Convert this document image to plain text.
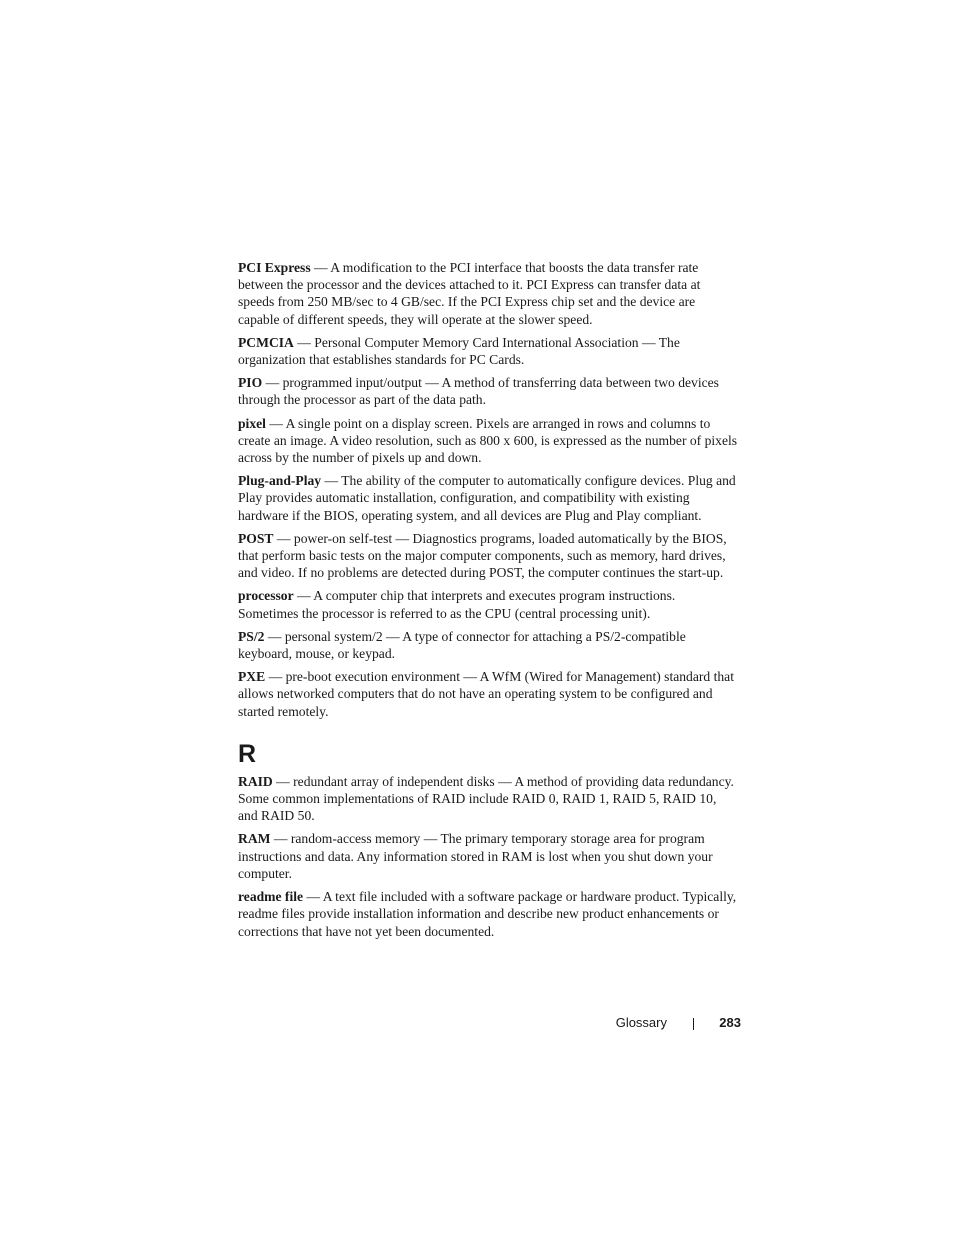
PCI Express — A modification to the PCI interface that boosts the data transfer rate between the processor and the devices attached to it. PCI Express can transfer data at speeds from 250 MB/sec to 4 GB/sec. If the PCI Express chip set and the device are capable of different speeds, they will operate at the slower speed.

PCMCIA — Personal Computer Memory Card International Association — The organization that establishes standards for PC Cards.

PIO — programmed input/output — A method of transferring data between two devices through the processor as part of the data path.

pixel — A single point on a display screen. Pixels are arranged in rows and columns to create an image. A video resolution, such as 800 x 600, is expressed as the number of pixels across by the number of pixels up and down.

Plug-and-Play — The ability of the computer to automatically configure devices. Plug and Play provides automatic installation, configuration, and compatibility with existing hardware if the BIOS, operating system, and all devices are Plug and Play compliant.

POST — power-on self-test — Diagnostics programs, loaded automatically by the BIOS, that perform basic tests on the major computer components, such as memory, hard drives, and video. If no problems are detected during POST, the computer continues the start-up.

processor — A computer chip that interprets and executes program instructions. Sometimes the processor is referred to as the CPU (central processing unit).

PS/2 — personal system/2 — A type of connector for attaching a PS/2-compatible keyboard, mouse, or keypad.

PXE — pre-boot execution environment — A WfM (Wired for Management) standard that allows networked computers that do not have an operating system to be configured and started remotely.

R

RAID — redundant array of independent disks — A method of providing data redundancy. Some common implementations of RAID include RAID 0, RAID 1, RAID 5, RAID 10, and RAID 50.

RAM — random-access memory — The primary temporary storage area for program instructions and data. Any information stored in RAM is lost when you shut down your computer.

readme file — A text file included with a software package or hardware product. Typically, readme files provide installation information and describe new product enhancements or corrections that have not yet been documented.

Glossary	283
